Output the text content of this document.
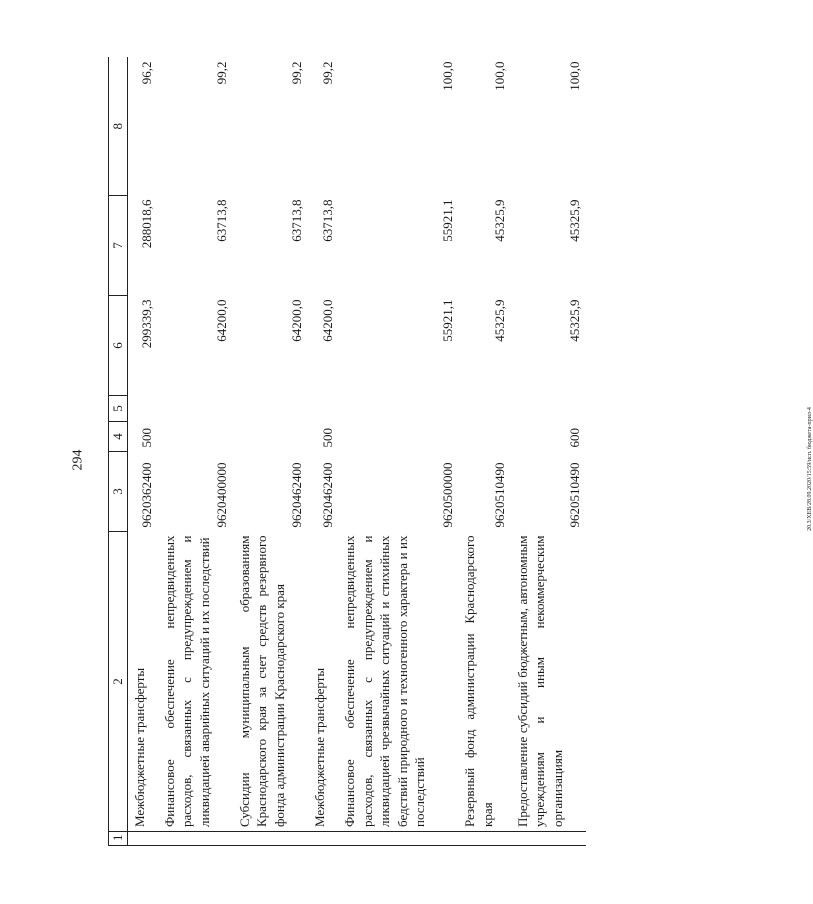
294
1	2	3	4	5	6	7	8
	Межбюджетные трансферты	9620362400	500		299339,3	288018,6	96,2
	Финансовое обеспечение непредвиденных расходов, связанных с предупреждением и ликвидацией аварийных ситуаций и их последствий	9620400000			64200,0	63713,8	99,2
	Субсидии муниципальным образованиям Краснодарского края за счет средств резервного фонда администрации Краснодарского края	9620462400			64200,0	63713,8	99,2
	Межбюджетные трансферты	9620462400	500		64200,0	63713,8	99,2
	Финансовое обеспечение непредвиденных расходов, связанных с предупреждением и ликвидацией чрезвычайных ситуаций и стихийных бедствий природного и техногенного характера и их последствий	9620500000			55921,1	55921,1	100,0
	Резервный фонд администрации Краснодарского края	9620510490			45325,9	45325,9	100,0
	Предоставление субсидий бюджетным, автономным учреждениям и иным некоммерческим организациям	9620510490	600		45325,9	45325,9	100,0
20.3/XEB/28.09.2020/15:59/исп. бюджета-прил-4
